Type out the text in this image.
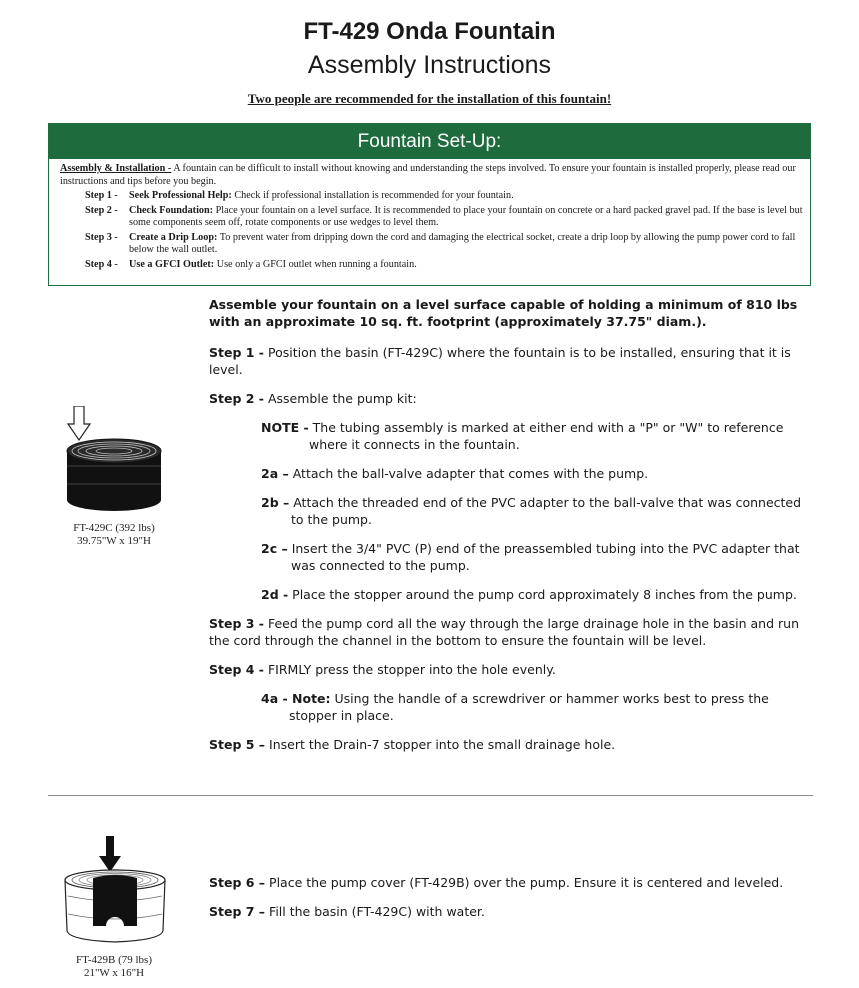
FT-429 Onda Fountain
Assembly Instructions
Two people are recommended for the installation of this fountain!
Fountain Set-Up:

Assembly & Installation - A fountain can be difficult to install without knowing and understanding the steps involved. To ensure your fountain is installed properly, please read our instructions and tips before you begin.

Step 1 -	Seek Professional Help: Check if professional installation is recommended for your fountain.
Step 2 -	Check Foundation: Place your fountain on a level surface. It is recommended to place your fountain on concrete or a hard packed gravel pad. If the base is level but some components seem off, rotate components or use wedges to level them.
Step 3 -	Create a Drip Loop: To prevent water from dripping down the cord and damaging the electrical socket, create a drip loop by allowing the pump power cord to fall below the wall outlet.
Step 4 -	Use a GFCI Outlet: Use only a GFCI outlet when running a fountain.
FT-429C (392 lbs)
39.75"W x 19"H

Assemble your fountain on a level surface capable of holding a minimum of 810 lbs with an approximate 10 sq. ft. footprint (approximately 37.75" diam.).

Step 1 - Position the basin (FT-429C) where the fountain is to be installed, ensuring that it is level.

Step 2 - Assemble the pump kit:

NOTE - The tubing assembly is marked at either end with a "P" or "W" to reference where it connects in the fountain.

2a – Attach the ball-valve adapter that comes with the pump.

2b – Attach the threaded end of the PVC adapter to the ball-valve that was connected to the pump.

2c – Insert the 3/4" PVC (P) end of the preassembled tubing into the PVC adapter that was connected to the pump.

2d - Place the stopper around the pump cord approximately 8 inches from the pump.

Step 3 - Feed the pump cord all the way through the large drainage hole in the basin and run the cord through the channel in the bottom to ensure the fountain will be level.

Step 4 - FIRMLY press the stopper into the hole evenly.

4a - Note: Using the handle of a screwdriver or hammer works best to press the stopper in place.

Step 5 – Insert the Drain-7 stopper into the small drainage hole.

FT-429B (79 lbs)
21"W x 16"H

Step 6 – Place the pump cover (FT-429B) over the pump. Ensure it is centered and leveled.

Step 7 – Fill the basin (FT-429C) with water.
